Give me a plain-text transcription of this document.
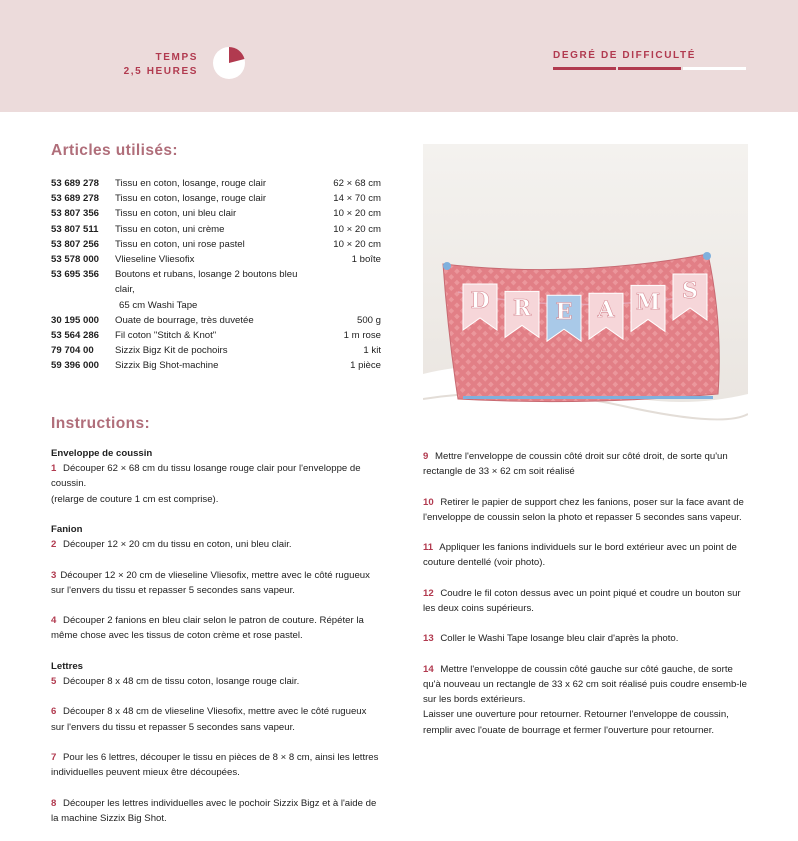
TEMPS
2,5 HEURES
DEGRÉ DE DIFFICULTÉ
Articles utilisés:
53 689 278	Tissu en coton, losange, rouge clair	62 × 68 cm
53 689 278	Tissu en coton, losange, rouge clair	14 × 70 cm
53 807 356	Tissu en coton, uni bleu clair	10 × 20 cm
53 807 511	Tissu en coton, uni crème	10 × 20 cm
53 807 256	Tissu en coton, uni rose pastel	10 × 20 cm
53 578 000	Vlieseline Vliesofix	1 boîte
53 695 356	Boutons et rubans, losange 2 boutons bleu clair,
65 cm Washi Tape
30 195 000	Ouate de bourrage, très duvetée	500 g
53 564 286	Fil coton "Stitch & Knot"	1 m rose
79 704 00	Sizzix Bigz Kit de pochoirs	1 kit
59 396 000	Sizzix Big Shot-machine	1 pièce
Instructions:
Enveloppe de coussin

1 Découper 62 × 68 cm du tissu losange rouge clair pour l'enveloppe de coussin.

(relarge de couture 1 cm est comprise).

Fanion

2 Découper 12 × 20 cm du tissu en coton, uni bleu clair.

3 Découper 12 × 20 cm de vlieseline Vliesofix, mettre avec le côté rugueux sur l'envers du tissu et repasser 5 secondes sans vapeur.

4 Découper 2 fanions en bleu clair selon le patron de couture. Répéter la même chose avec les tissus de coton crème et rose pastel.

Lettres

5 Découper 8 x 48 cm de tissu coton, losange rouge clair.

6 Découper 8 x 48 cm de vlieseline Vliesofix, mettre avec le côté rugueux sur l'envers du tissu et repasser 5 secondes sans vapeur.

7 Pour les 6 lettres, découper le tissu en pièces de 8 × 8 cm, ainsi les lettres individuelles peuvent mieux être découpées.

8 Découper les lettres individuelles avec le pochoir Sizzix Bigz et à l'aide de la machine Sizzix Big Shot.

D R E A M S

9 Mettre l'enveloppe de coussin côté droit sur côté droit, de sorte qu'un rectangle de 33 × 62 cm soit réalisé

10 Retirer le papier de support chez les fanions, poser sur la face avant de l'enveloppe de coussin selon la photo et repasser 5 secondes sans vapeur.

11 Appliquer les fanions individuels sur le bord extérieur avec un point de couture dentellé (voir photo).

12 Coudre le fil coton dessus avec un point piqué et coudre un bouton sur les deux coins supérieurs.

13 Coller le Washi Tape losange bleu clair d'après la photo.

14 Mettre l'enveloppe de coussin côté gauche sur côté gauche, de sorte qu'à nouveau un rectangle de 33 x 62 cm soit réalisé puis coudre ensemb-le sur les bords extérieurs.

Laisser une ouverture pour retourner. Retourner l'enveloppe de coussin, remplir avec l'ouate de bourrage et fermer l'ouverture pour retourner.
